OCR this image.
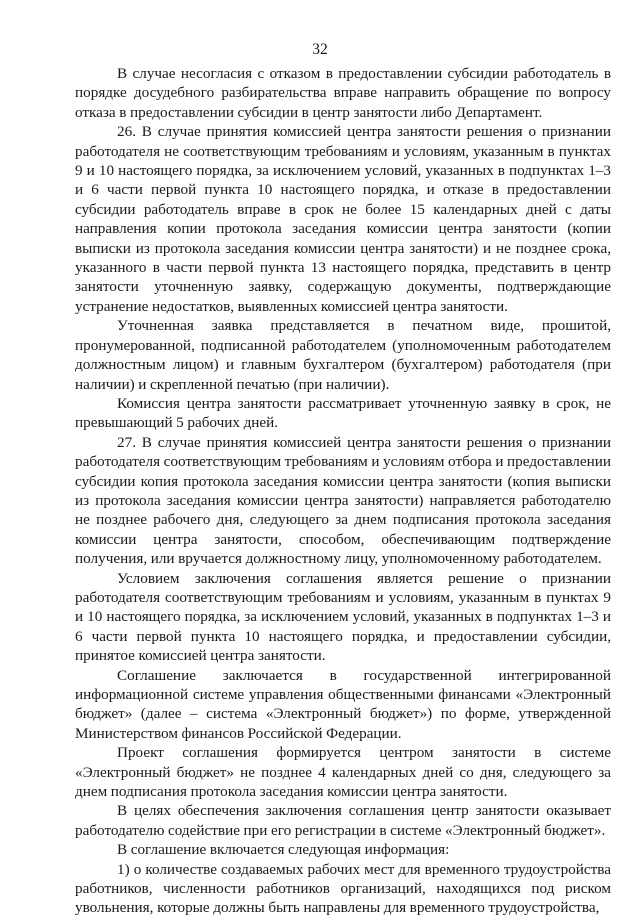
32

В случае несогласия с отказом в предоставлении субсидии работодатель в порядке досудебного разбирательства вправе направить обращение по вопросу отказа в предоставлении субсидии в центр занятости либо Департамент.

26. В случае принятия комиссией центра занятости решения о признании работодателя не соответствующим требованиям и условиям, указанным в пунктах 9 и 10 настоящего порядка, за исключением условий, указанных в подпунктах 1–3 и 6 части первой пункта 10 настоящего порядка, и отказе в предоставлении субсидии работодатель вправе в срок не более 15 календарных дней с даты направления копии протокола заседания комиссии центра занятости (копии выписки из протокола заседания комиссии центра занятости) и не позднее срока, указанного в части первой пункта 13 настоящего порядка, представить в центр занятости уточненную заявку, содержащую документы, подтверждающие устранение недостатков, выявленных комиссией центра занятости.

Уточненная заявка представляется в печатном виде, прошитой, пронумерованной, подписанной работодателем (уполномоченным работодателем должностным лицом) и главным бухгалтером (бухгалтером) работодателя (при наличии) и скрепленной печатью (при наличии).

Комиссия центра занятости рассматривает уточненную заявку в срок, не превышающий 5 рабочих дней.

27. В случае принятия комиссией центра занятости решения о признании работодателя соответствующим требованиям и условиям отбора и предоставлении субсидии копия протокола заседания комиссии центра занятости (копия выписки из протокола заседания комиссии центра занятости) направляется работодателю не позднее рабочего дня, следующего за днем подписания протокола заседания комиссии центра занятости, способом, обеспечивающим подтверждение получения, или вручается должностному лицу, уполномоченному работодателем.

Условием заключения соглашения является решение о признании работодателя соответствующим требованиям и условиям, указанным в пунктах 9 и 10 настоящего порядка, за исключением условий, указанных в подпунктах 1–3 и 6 части первой пункта 10 настоящего порядка, и предоставлении субсидии, принятое комиссией центра занятости.

Соглашение заключается в государственной интегрированной информационной системе управления общественными финансами «Электронный бюджет» (далее – система «Электронный бюджет») по форме, утвержденной Министерством финансов Российской Федерации.

Проект соглашения формируется центром занятости в системе «Электронный бюджет» не позднее 4 календарных дней со дня, следующего за днем подписания протокола заседания комиссии центра занятости.

В целях обеспечения заключения соглашения центр занятости оказывает работодателю содействие при его регистрации в системе «Электронный бюджет».

В соглашение включается следующая информация:

1) о количестве создаваемых рабочих мест для временного трудоустройства работников, численности работников организаций, находящихся под риском увольнения, которые должны быть направлены для временного трудоустройства,
